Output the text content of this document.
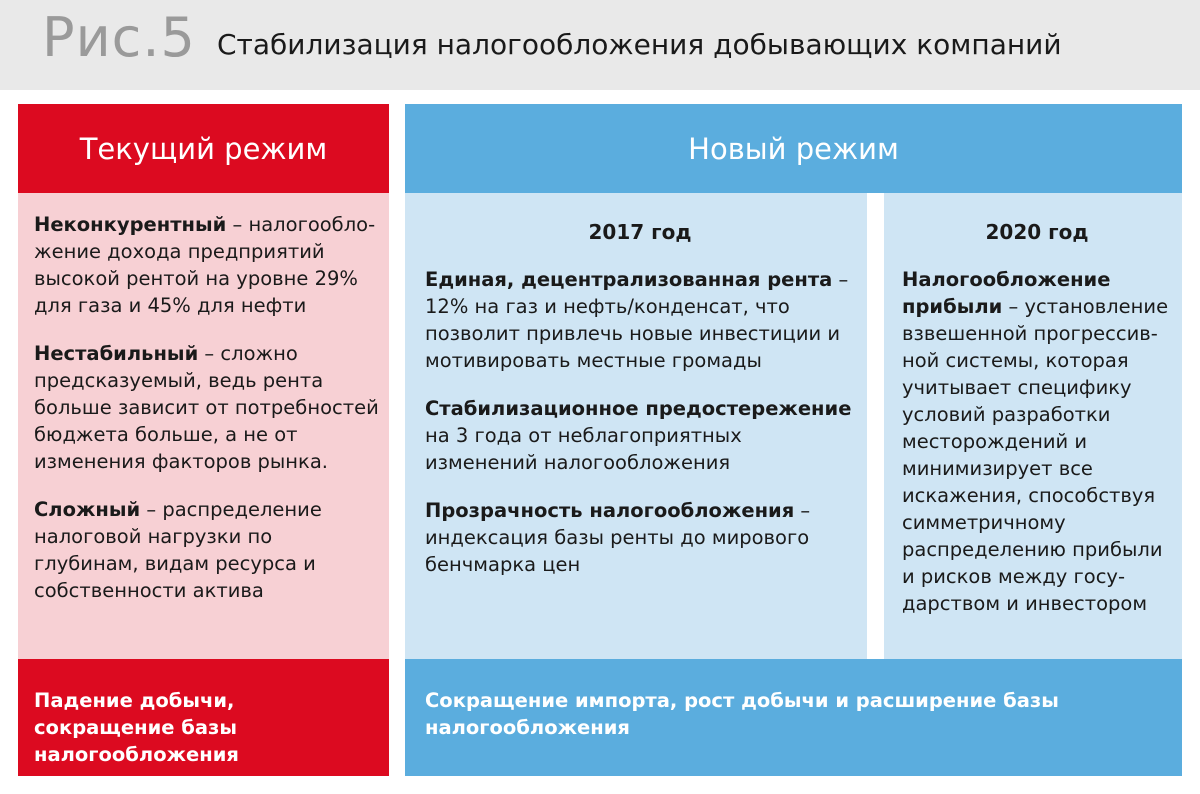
Рис.5 Стабилизация налогообложения добывающих компаний
Текущий режим

Неконкурентный – налогообло-жение дохода предприятий высокой рентой на уровне 29% для газа и 45% для нефти

Нестабильный – сложно предсказуемый, ведь рента больше зависит от потребностей бюджета больше, а не от изменения факторов рынка.

Сложный – распределение налоговой нагрузки по глубинам, видам ресурса и собственности актива

Падение добычи, сокращение базы налогообложения
Новый режим
2017 год

Единая, децентрализованная рента – 12% на газ и нефть/конденсат, что позволит привлечь новые инвестиции и мотивировать местные громады

Стабилизационное предостережение на 3 года от неблагоприятных изменений налогообложения

Прозрачность налогообложения – индексация базы ренты до мирового бенчмарка цен

2020 год

Налогообложение прибыли – установление взвешенной прогрессив-ной системы, которая учитывает специфику условий разработки месторождений и минимизирует все искажения, способствуя симметричному распределению прибыли и рисков между госу-дарством и инвестором

Сокращение импорта, рост добычи и расширение базы налогообложения
